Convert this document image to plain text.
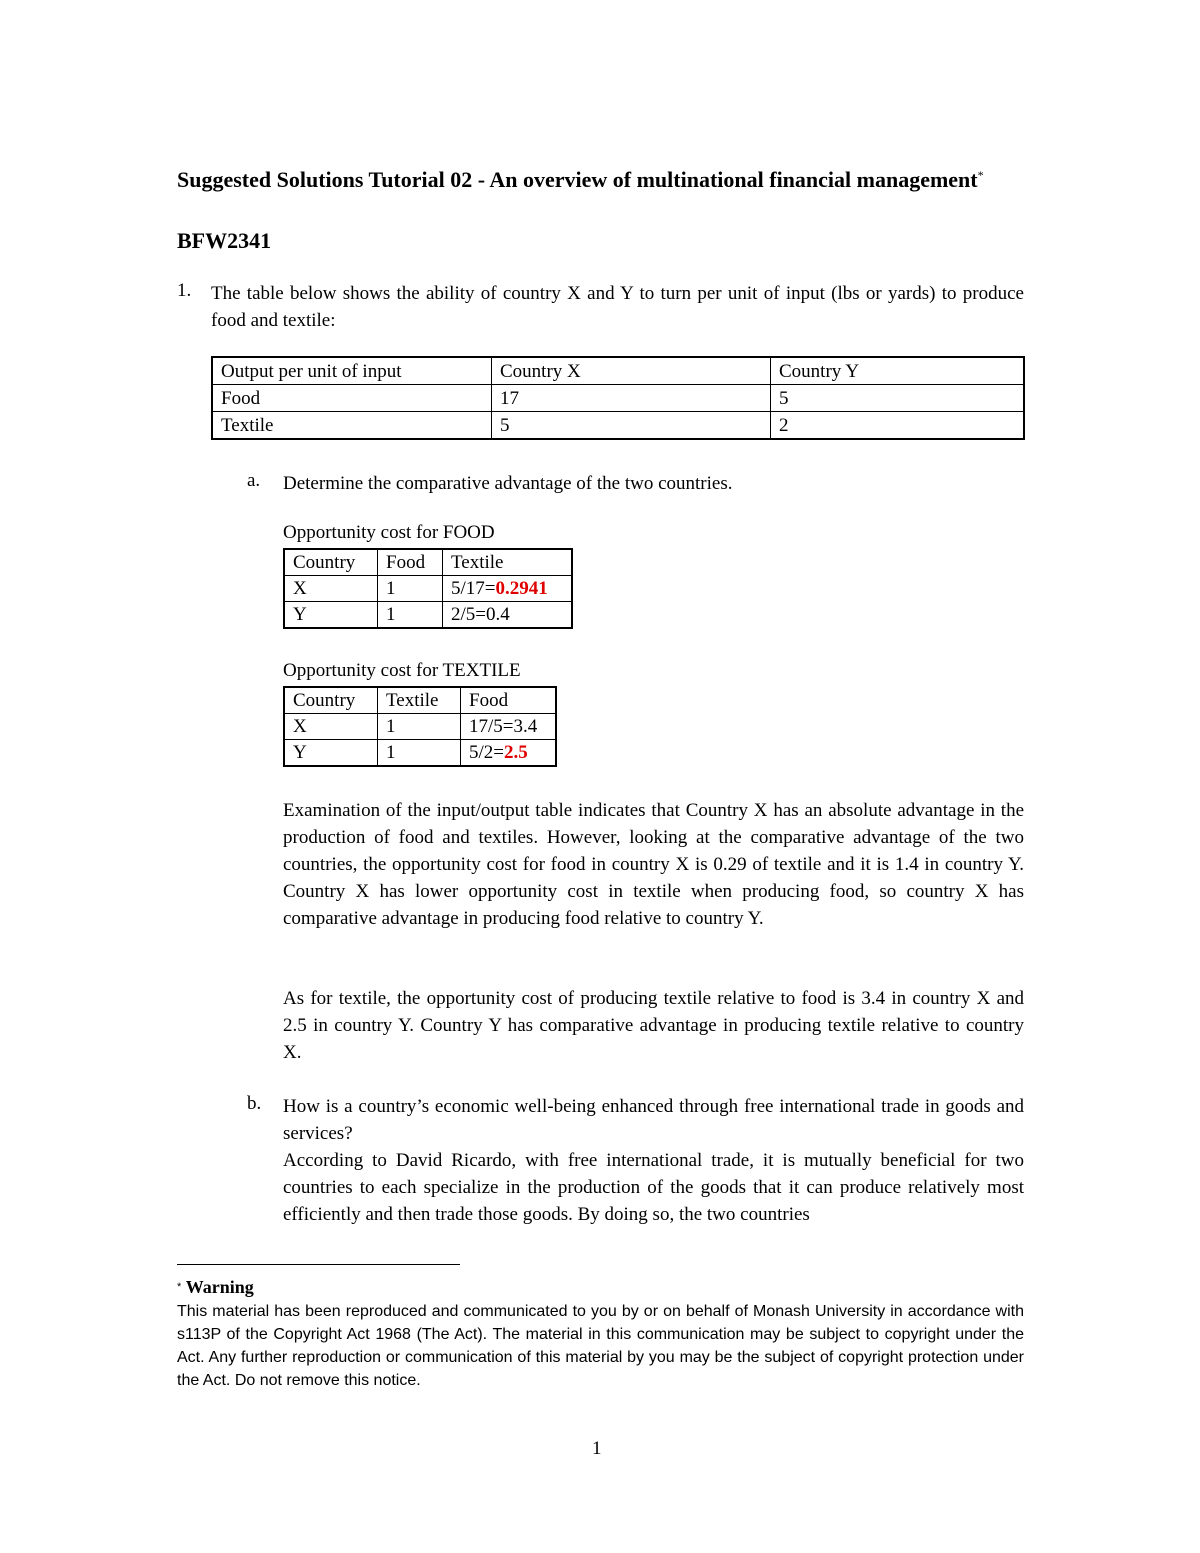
Suggested Solutions Tutorial 02 - An overview of multinational financial management*
BFW2341
1. The table below shows the ability of country X and Y to turn per unit of input (lbs or yards) to produce food and textile:
Output per unit of input	Country X	Country Y
Food	17	5
Textile	5	2
a. Determine the comparative advantage of the two countries.
Opportunity cost for FOOD
Country	Food	Textile
X	1	5/17=0.2941
Y	1	2/5=0.4
Opportunity cost for TEXTILE
Country	Textile	Food
X	1	17/5=3.4
Y	1	5/2=2.5
Examination of the input/output table indicates that Country X has an absolute advantage in the production of food and textiles. However, looking at the comparative advantage of the two countries, the opportunity cost for food in country X is 0.29 of textile and it is 1.4 in country Y. Country X has lower opportunity cost in textile when producing food, so country X has comparative advantage in producing food relative to country Y.
As for textile, the opportunity cost of producing textile relative to food is 3.4 in country X and 2.5 in country Y. Country Y has comparative advantage in producing textile relative to country X.
b. How is a country’s economic well-being enhanced through free international trade in goods and services?
According to David Ricardo, with free international trade, it is mutually beneficial for two countries to each specialize in the production of the goods that it can produce relatively most efficiently and then trade those goods. By doing so, the two countries
* Warning
This material has been reproduced and communicated to you by or on behalf of Monash University in accordance with s113P of the Copyright Act 1968 (The Act). The material in this communication may be subject to copyright under the Act. Any further reproduction or communication of this material by you may be the subject of copyright protection under the Act. Do not remove this notice.
1
